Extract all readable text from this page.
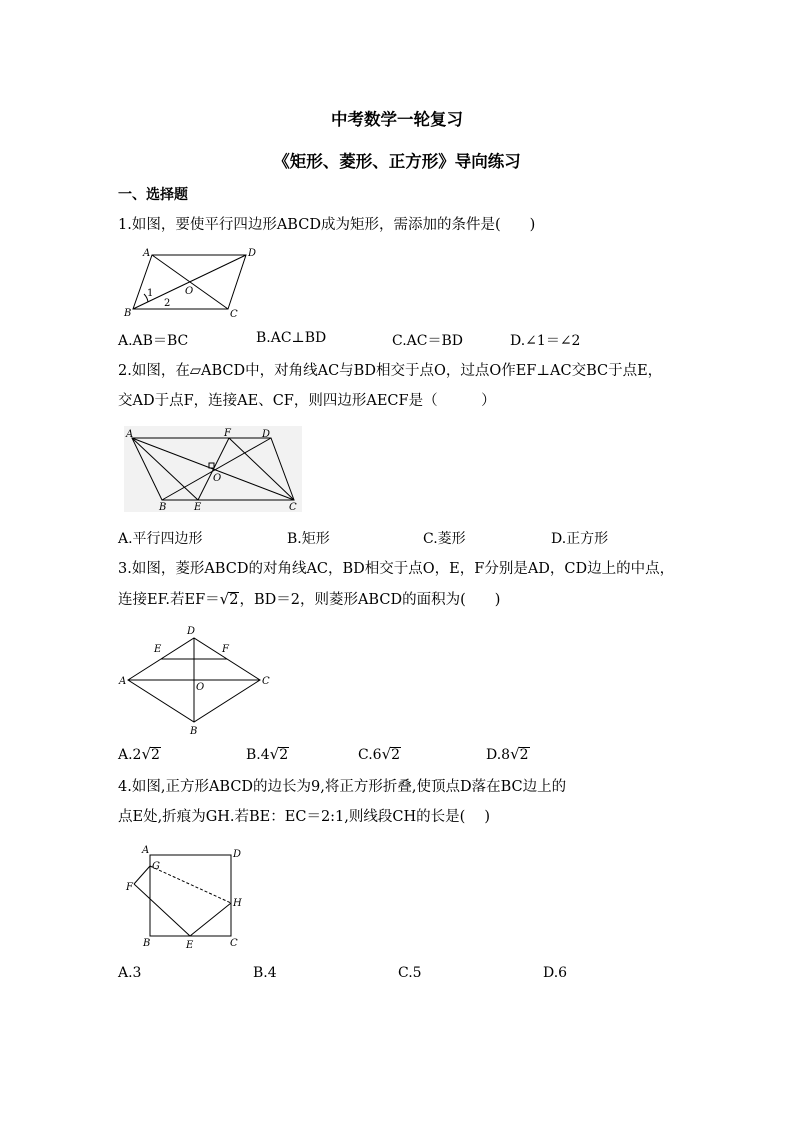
中考数学一轮复习
《矩形、菱形、正方形》导向练习
一、选择题
1.如图，要使平行四边形ABCD成为矩形，需添加的条件是(　　)
A	D
B	C
O
1
2
A.AB＝BC	B.AC⊥BD	C.AC＝BD	D.∠1＝∠2
2.如图，在▱ABCD中，对角线AC与BD相交于点O，过点O作EF⊥AC交BC于点E，
交AD于点F，连接AE、CF，则四边形AECF是（　　　）
A	F	D
O
B	E	C
A.平行四边形	B.矩形	C.菱形	D.正方形
3.如图，菱形ABCD的对角线AC，BD相交于点O，E，F分别是AD，CD边上的中点，
连接EF.若EF＝√2，BD＝2，则菱形ABCD的面积为(　　)
D
E	F
A
O
C
B
A.2√2	B.4√2	C.6√2	D.8√2
4.如图,正方形ABCD的边长为9,将正方形折叠,使顶点D落在BC边上的
点E处,折痕为GH.若BE：EC＝2:1,则线段CH的长是(　 )
A	D
G
F
H
B	E	C
A.3	B.4	C.5	D.6
